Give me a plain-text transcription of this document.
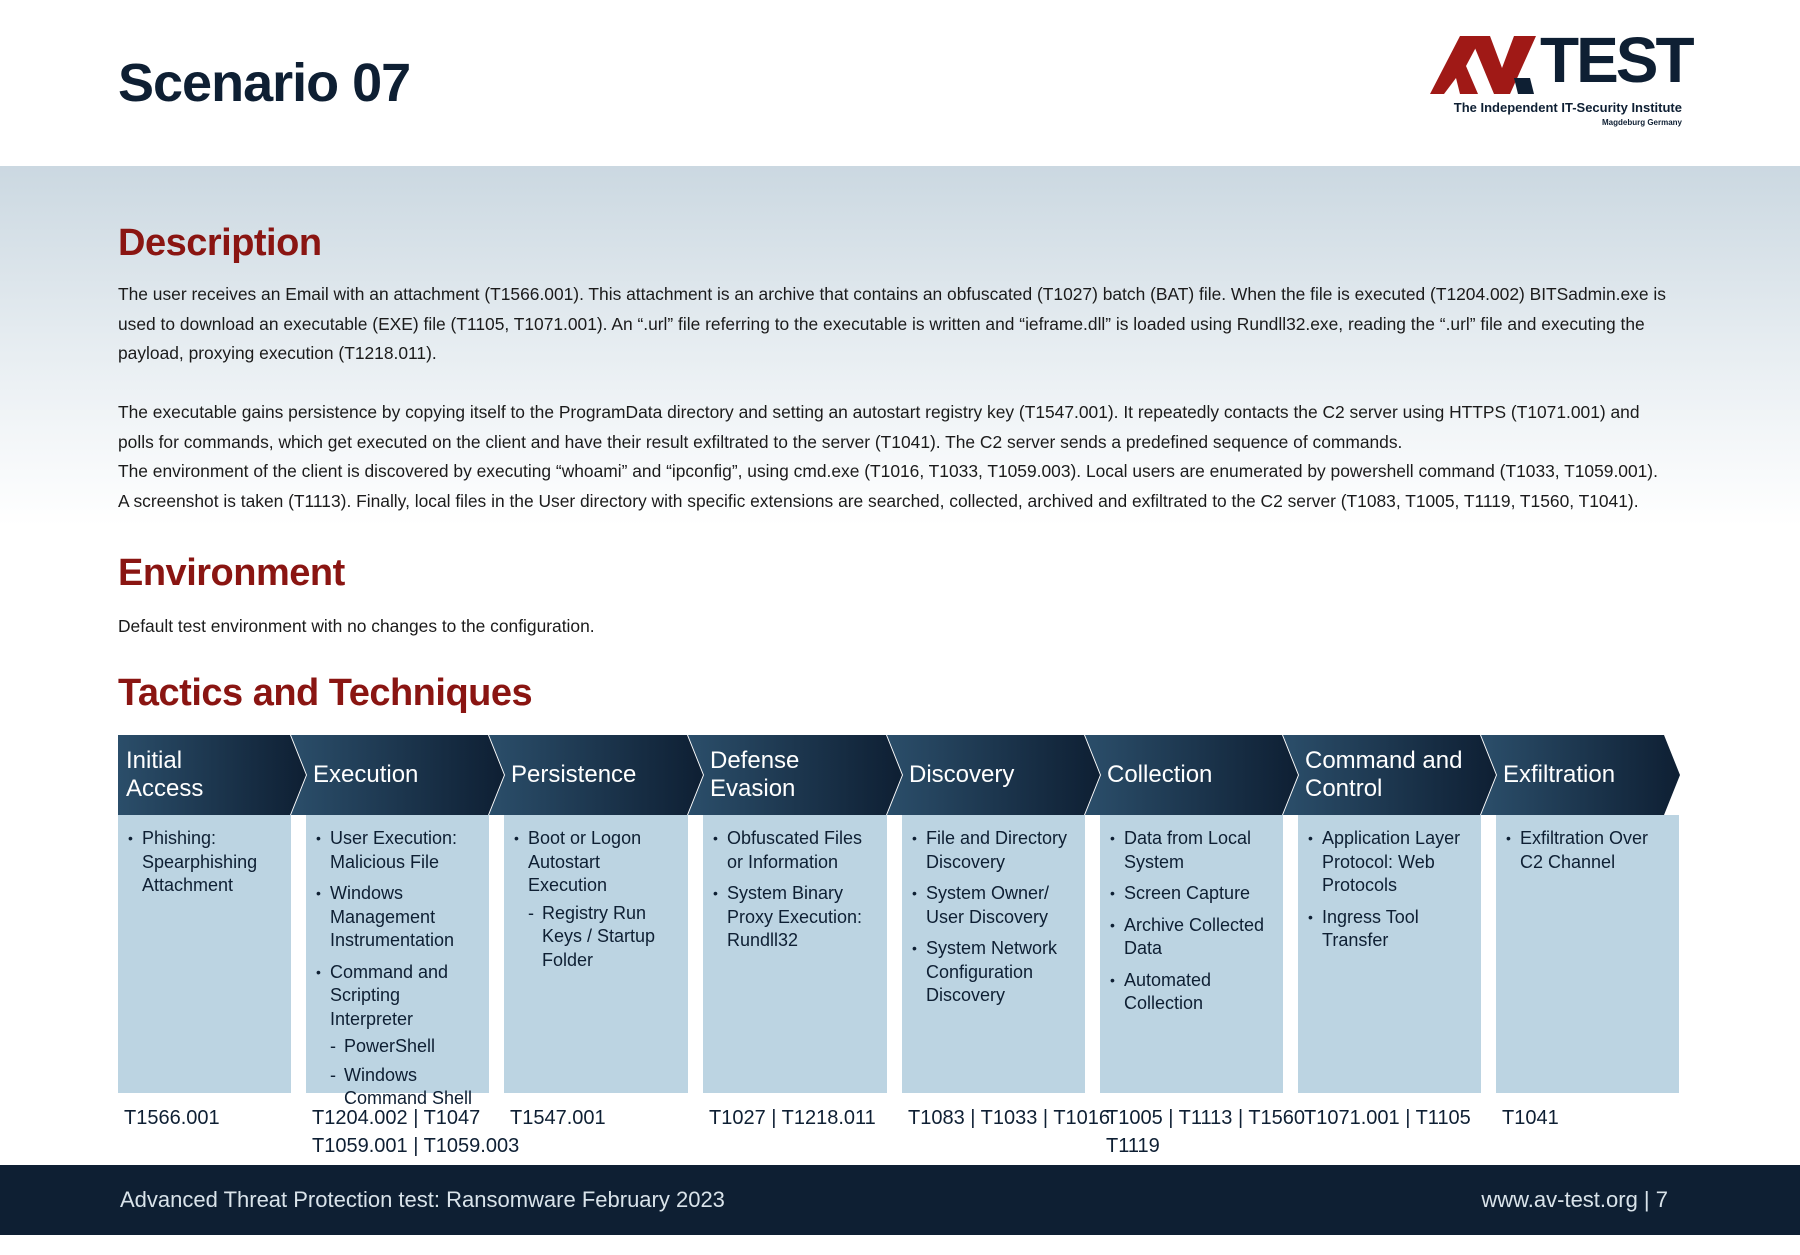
Scenario 07	TEST
The Independent IT-Security Institute
Magdeburg Germany
Description

The user receives an Email with an attachment (T1566.001). This attachment is an archive that contains an obfuscated (T1027) batch (BAT) file. When the file is executed (T1204.002) BITSadmin.exe is used to download an executable (EXE) file (T1105, T1071.001). An “.url” file referring to the executable is written and “ieframe.dll” is loaded using Rundll32.exe, reading the “.url” file and executing the payload, proxying execution (T1218.011).

The executable gains persistence by copying itself to the ProgramData directory and setting an autostart registry key (T1547.001). It repeatedly contacts the C2 server using HTTPS (T1071.001) and polls for commands, which get executed on the client and have their result exfiltrated to the server (T1041). The C2 server sends a predefined sequence of commands.

The environment of the client is discovered by executing “whoami” and “ipconfig”, using cmd.exe (T1016, T1033, T1059.003). Local users are enumerated by powershell command (T1033, T1059.001). A screenshot is taken (T1113). Finally, local files in the User directory with specific extensions are searched, collected, archived and exfiltrated to the C2 server (T1083, T1005, T1119, T1560, T1041).

Environment

Default test environment with no changes to the configuration.

Tactics and Techniques
Initial
Access
• Phishing: Spearphishing Attachment
T1566.001
Execution
• User Execution: Malicious File
• Windows Management Instrumentation
• Command and Scripting Interpreter
- PowerShell
- Windows Command Shell
T1204.002 | T1047
T1059.001 | T1059.003
Persistence
• Boot or Logon Autostart Execution
- Registry Run Keys / Startup Folder
T1547.001
Defense
Evasion
• Obfuscated Files or Information
• System Binary Proxy Execution: Rundll32
T1027 | T1218.011
Discovery
• File and Directory Discovery
• System Owner/ User Discovery
• System Network Configuration Discovery
T1083 | T1033 | T1016
Collection
• Data from Local System
• Screen Capture
• Archive Collected Data
• Automated Collection
T1005 | T1113 | T1560
T1119
Command and
Control
• Application Layer Protocol: Web Protocols
• Ingress Tool Transfer
T1071.001 | T1105
Exfiltration
• Exfiltration Over C2 Channel
T1041
Advanced Threat Protection test: Ransomware February 2023	www.av-test.org | 7
